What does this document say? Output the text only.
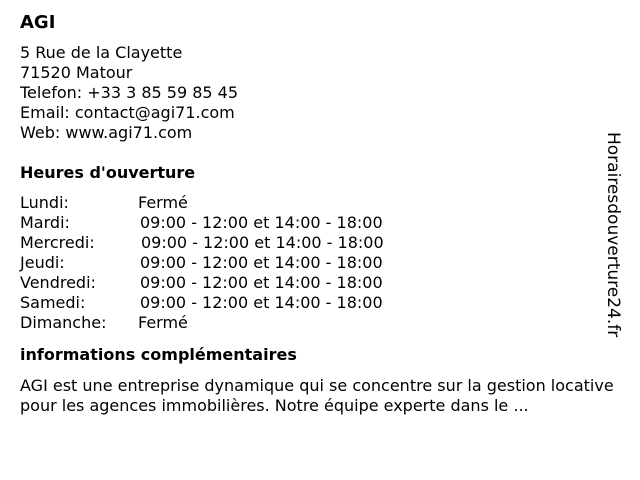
AGI
5 Rue de la Clayette
71520 Matour
Telefon: +33 3 85 59 85 45
Email: contact@agi71.com
Web: www.agi71.com
Heures d'ouverture
Lundi:	Fermé
Mardi:	09:00 - 12:00 et 14:00 - 18:00
Mercredi:	09:00 - 12:00 et 14:00 - 18:00
Jeudi:	09:00 - 12:00 et 14:00 - 18:00
Vendredi:	09:00 - 12:00 et 14:00 - 18:00
Samedi:	09:00 - 12:00 et 14:00 - 18:00
Dimanche: Fermé
informations complémentaires
AGI est une entreprise dynamique qui se concentre sur la gestion locative pour les agences immobilières. Notre équipe experte dans le ...
Horairesdouverture24.fr
